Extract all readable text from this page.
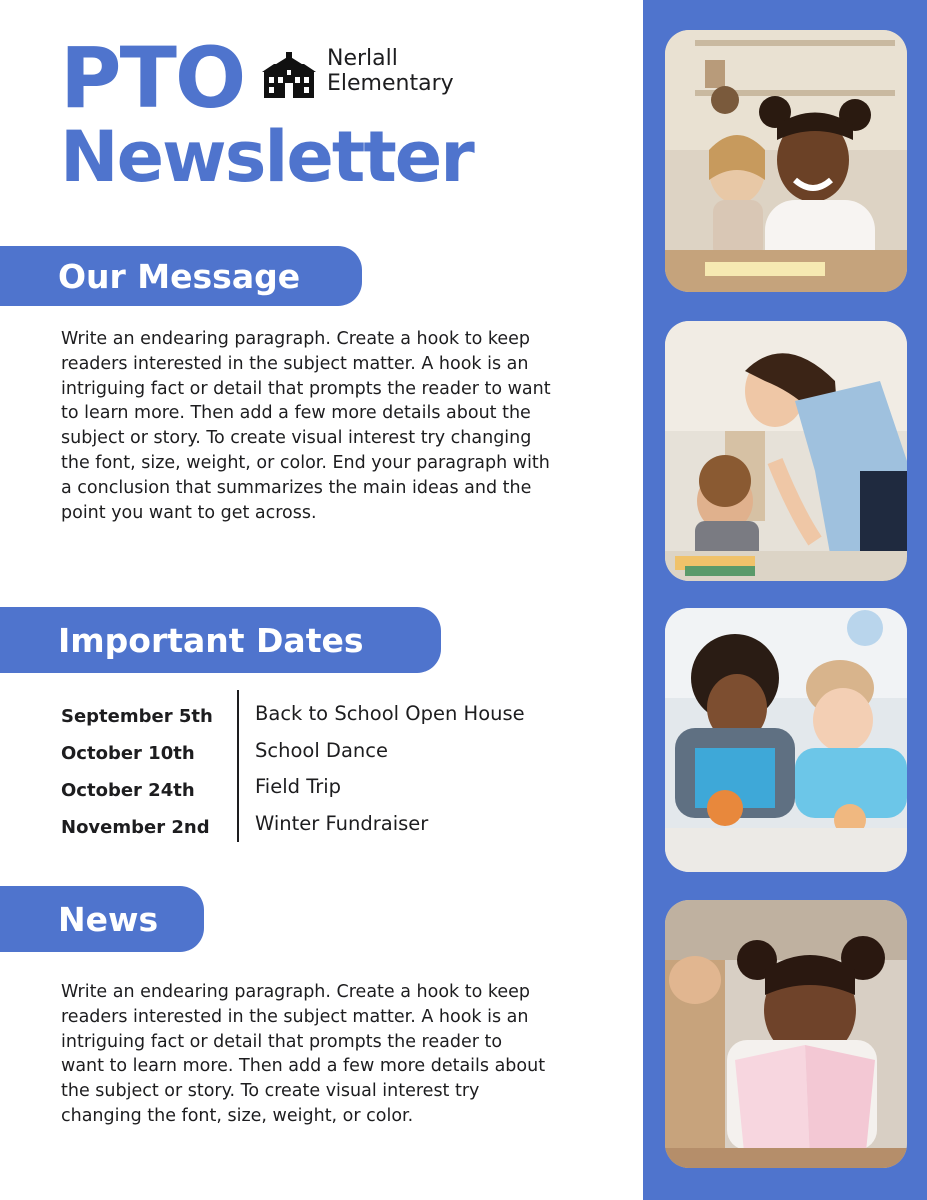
PTO
Newsletter
Nerlall
Elementary
Our Message

Write an endearing paragraph. Create a hook to keep readers interested in the subject matter. A hook is an intriguing fact or detail that prompts the reader to want to learn more. Then add a few more details about the subject or story. To create visual interest try changing the font, size, weight, or color. End your paragraph with a conclusion that summarizes the main ideas and the point you want to get across.

Important Dates
September 5th
October 10th
October 24th
November 2nd
Back to School Open House
School Dance
Field Trip
Winter Fundraiser
News

Write an endearing paragraph. Create a hook to keep readers interested in the subject matter. A hook is an intriguing fact or detail that prompts the reader to want to learn more. Then add a few more details about the subject or story. To create visual interest try changing the font, size, weight, or color.
